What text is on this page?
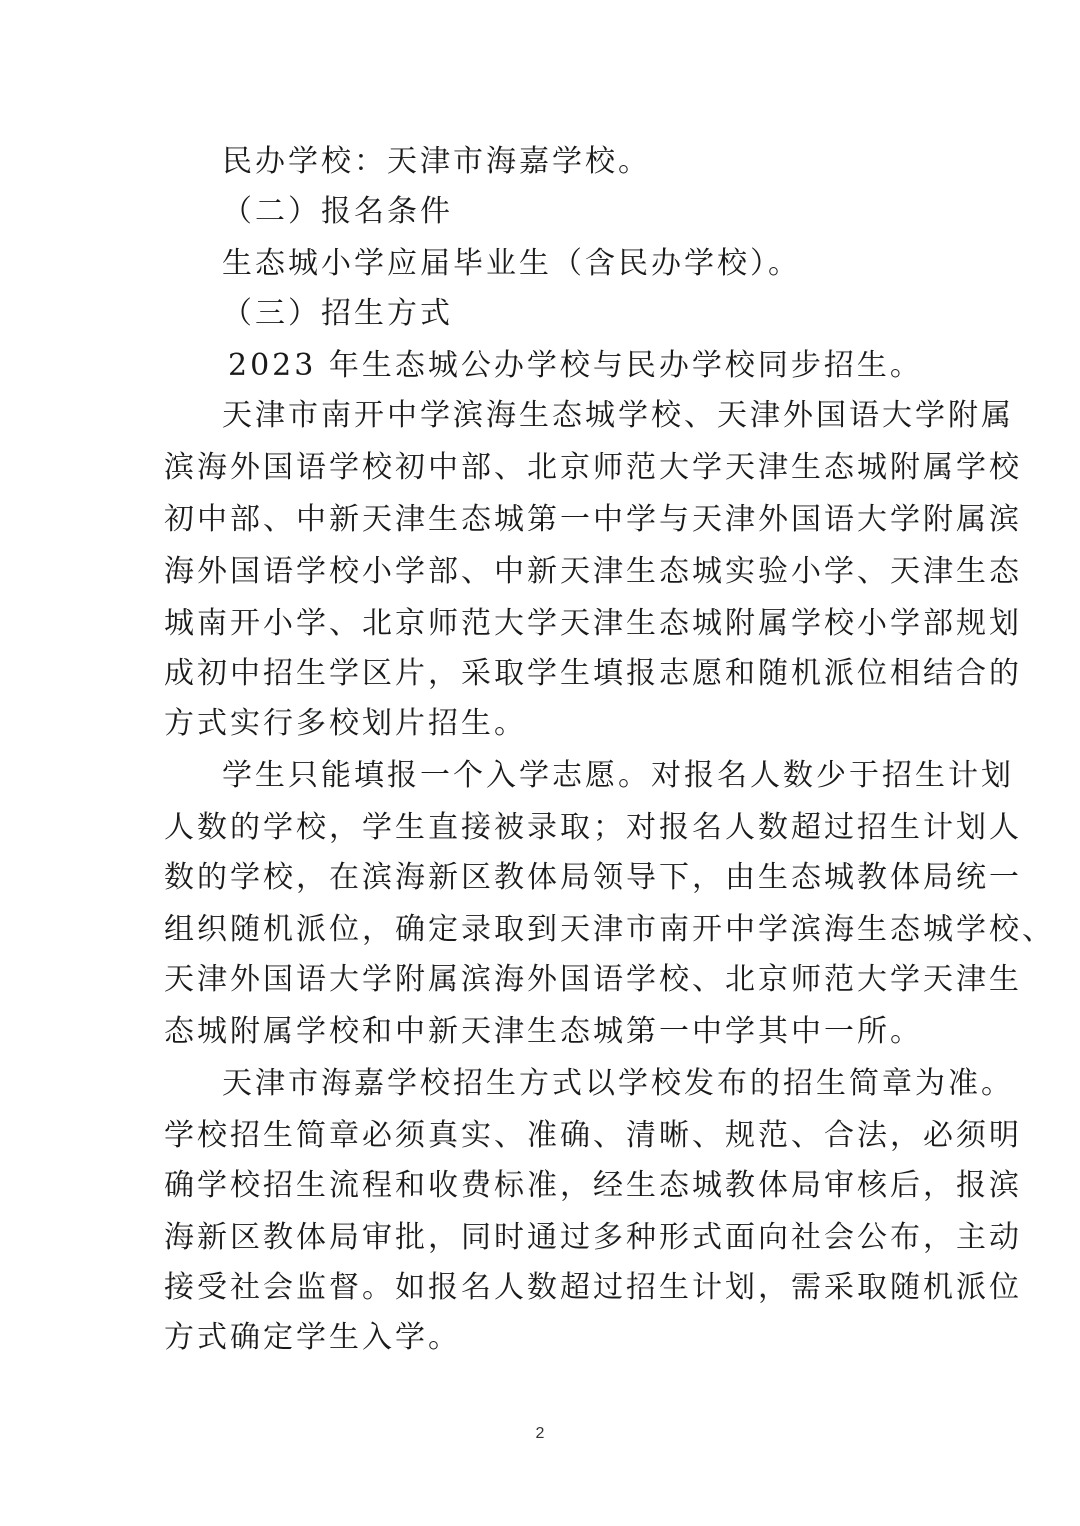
民办学校：天津市海嘉学校。
（二）报名条件
生态城小学应届毕业生（含民办学校）。
（三）招生方式
2023 年生态城公办学校与民办学校同步招生。
天津市南开中学滨海生态城学校、天津外国语大学附属
滨海外国语学校初中部、北京师范大学天津生态城附属学校
初中部、中新天津生态城第一中学与天津外国语大学附属滨
海外国语学校小学部、中新天津生态城实验小学、天津生态
城南开小学、北京师范大学天津生态城附属学校小学部规划
成初中招生学区片，采取学生填报志愿和随机派位相结合的
方式实行多校划片招生。
学生只能填报一个入学志愿。对报名人数少于招生计划
人数的学校，学生直接被录取；对报名人数超过招生计划人
数的学校，在滨海新区教体局领导下，由生态城教体局统一
组织随机派位，确定录取到天津市南开中学滨海生态城学校、
天津外国语大学附属滨海外国语学校、北京师范大学天津生
态城附属学校和中新天津生态城第一中学其中一所。
天津市海嘉学校招生方式以学校发布的招生简章为准。
学校招生简章必须真实、准确、清晰、规范、合法，必须明
确学校招生流程和收费标准，经生态城教体局审核后，报滨
海新区教体局审批，同时通过多种形式面向社会公布，主动
接受社会监督。如报名人数超过招生计划，需采取随机派位
方式确定学生入学。
2
